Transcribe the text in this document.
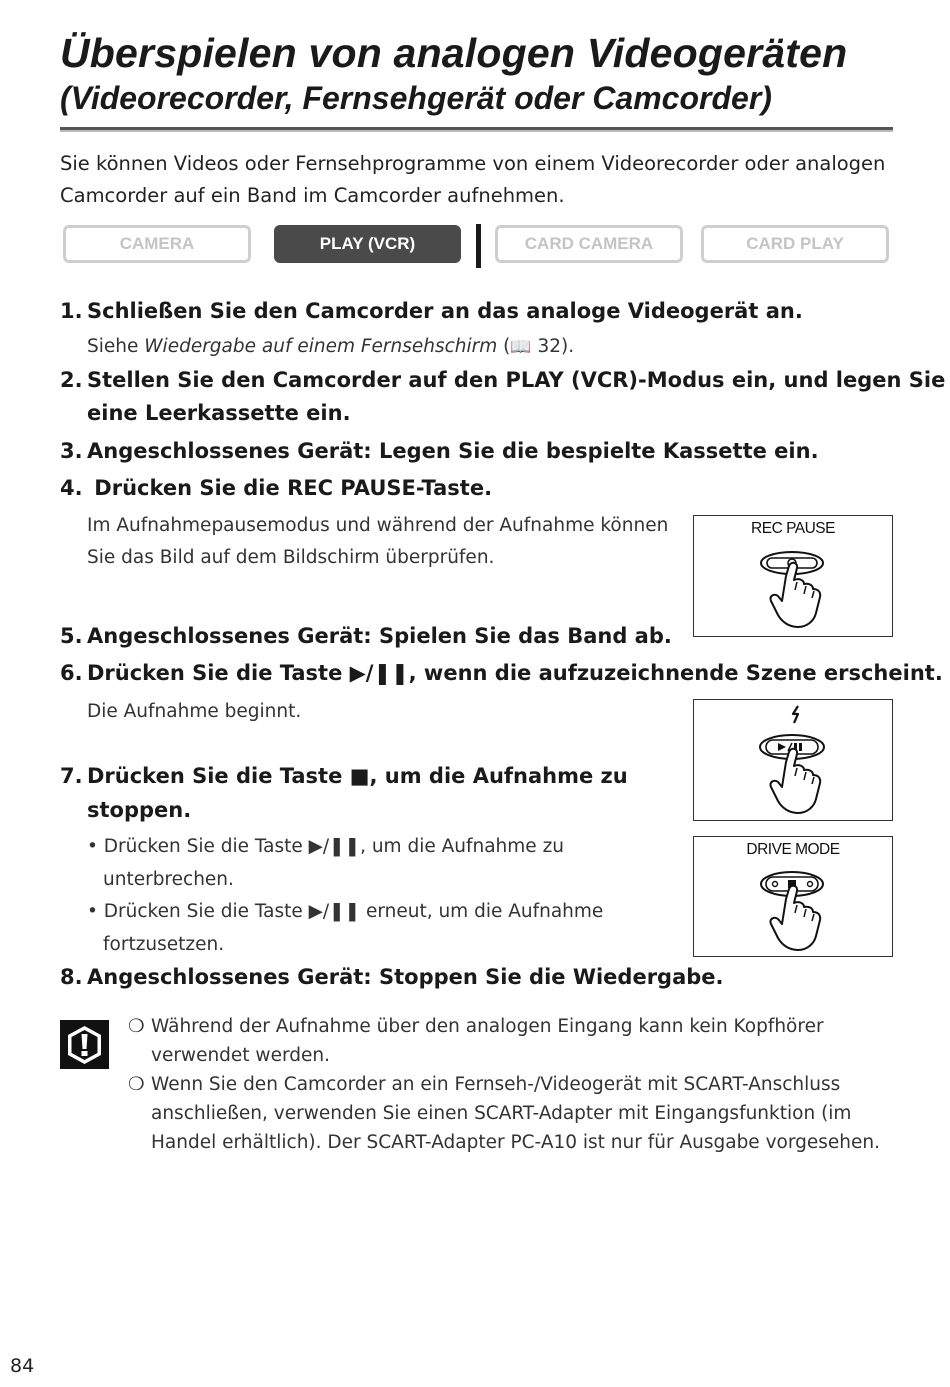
Überspielen von analogen Videogeräten
(Videorecorder, Fernsehgerät oder Camcorder)

Sie können Videos oder Fernsehprogramme von einem Videorecorder oder analogen Camcorder auf ein Band im Camcorder aufnehmen.

CAMERA	PLAY (VCR)	CARD CAMERA	CARD PLAY
1. Schließen Sie den Camcorder an das analoge Videogerät an.
Siehe Wiedergabe auf einem Fernsehschirm (📖 32).
2. Stellen Sie den Camcorder auf den PLAY (VCR)-Modus ein, und legen Sie
eine Leerkassette ein.
3. Angeschlossenes Gerät: Legen Sie die bespielte Kassette ein.
4. Drücken Sie die REC PAUSE-Taste.
Im Aufnahmepausemodus und während der Aufnahme können
Sie das Bild auf dem Bildschirm überprüfen.
REC PAUSE
5. Angeschlossenes Gerät: Spielen Sie das Band ab.
6. Drücken Sie die Taste ▶/❚❚, wenn die aufzuzeichnende Szene erscheint.
Die Aufnahme beginnt.
7. Drücken Sie die Taste ■, um die Aufnahme zu
stoppen.
• Drücken Sie die Taste ▶/❚❚, um die Aufnahme zu
unterbrechen.
• Drücken Sie die Taste ▶/❚❚ erneut, um die Aufnahme
fortzusetzen.
DRIVE MODE
8. Angeschlossenes Gerät: Stoppen Sie die Wiedergabe.
❍ Während der Aufnahme über den analogen Eingang kann kein Kopfhörer
verwendet werden.
❍ Wenn Sie den Camcorder an ein Fernseh-/Videogerät mit SCART-Anschluss
anschließen, verwenden Sie einen SCART-Adapter mit Eingangsfunktion (im
Handel erhältlich). Der SCART-Adapter PC-A10 ist nur für Ausgabe vorgesehen.
84
